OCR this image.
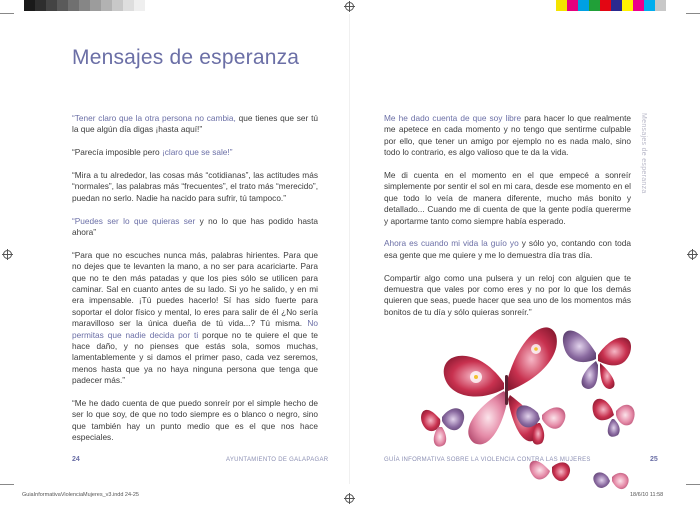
Mensajes de esperanza

“Tener claro que la otra persona no cambia, que tienes que ser tú la que algún día digas ¡hasta aquí!”

“Parecía imposible pero ¡claro que se sale!”

“Mira a tu alrededor, las cosas más “cotidianas”, las actitudes más “normales”, las palabras más “frecuentes”, el trato más “merecido”, puedan no serlo. Nadie ha nacido para sufrir, tú tampoco.”

“Puedes ser lo que quieras ser y no lo que has podido hasta ahora”

“Para que no escuches nunca más, palabras hirientes. Para que no dejes que te levanten la mano, a no ser para acariciarte. Para que no te den más patadas y que los pies sólo se utilicen para caminar. Sal en cuanto antes de su lado. Si yo he salido, y en mi era impensable. ¡Tú puedes hacerlo! Sí has sido fuerte para soportar el dolor físico y mental, lo eres para salir de él ¿No sería maravilloso ser la única dueña de tú vida...? Tú misma. No permitas que nadie decida por ti porque no te quiere el que te hace daño, y no pienses que estás sola, somos muchas, lamentablemente y si damos el primer paso, cada vez seremos, menos hasta que ya no haya ninguna persona que tenga que padecer más.”

“Me he dado cuenta de que puedo sonreír por el simple hecho de ser lo que soy, de que no todo siempre es o blanco o negro, sino que también hay un punto medio que es el que nos hace especiales.

Me he dado cuenta de que soy libre para hacer lo que realmente me apetece en cada momento y no tengo que sentirme culpable por ello, que tener un amigo por ejemplo no es nada malo, sino todo lo contrario, es algo valioso que te da la vida.

Me di cuenta en el momento en el que empecé a sonreír simplemente por sentir el sol en mi cara, desde ese momento en el que todo lo veía de manera diferente, mucho más bonito y detallado... Cuando me di cuenta de que la gente podía quererme y aportarme tanto como siempre había esperado.

Ahora es cuando mi vida la guío yo y sólo yo, contando con toda esa gente que me quiere y me lo demuestra día tras día.

Compartir algo como una pulsera y un reloj con alguien que te demuestra que vales por como eres y no por lo que los demás quieren que seas, puede hacer que sea uno de los momentos más bonitos de tu día y sólo quieras sonreír.”

Mensajes de esperanza
24	AYUNTAMIENTO DE GALAPAGAR	GUÍA INFORMATIVA SOBRE LA VIOLENCIA CONTRA LAS MUJERES	25
GuiaInformativaViolenciaMujeres_v3.indd 24-25	18/6/10 11:58
